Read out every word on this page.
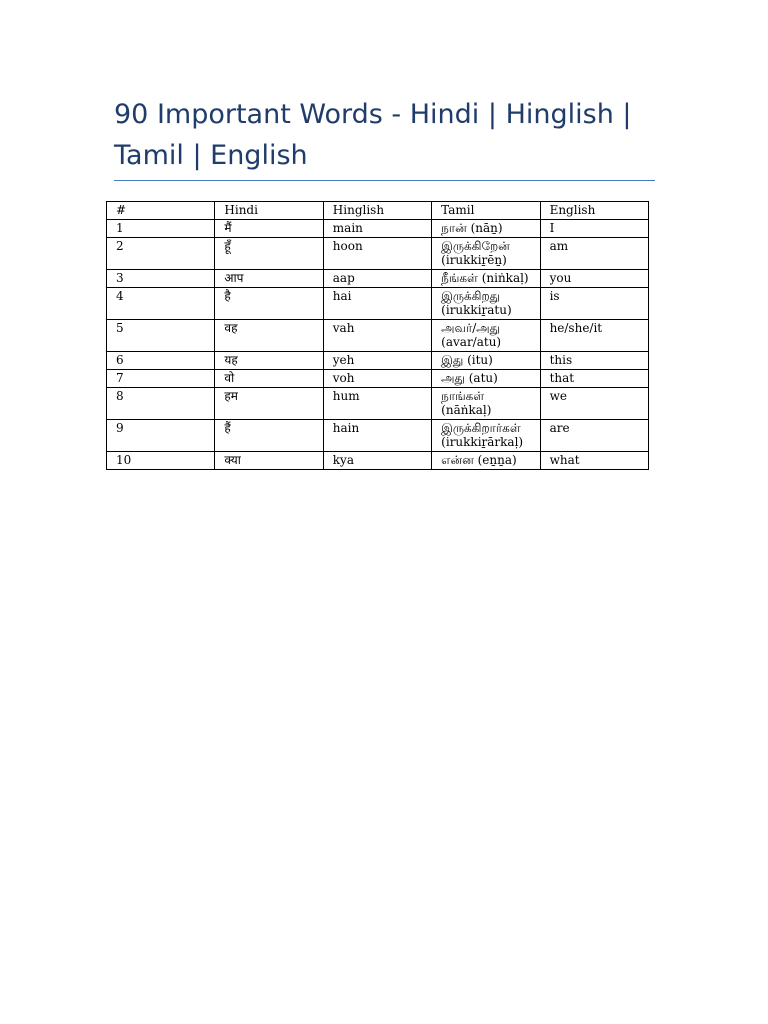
90 Important Words - Hindi | Hinglish | Tamil | English
#	Hindi	Hinglish	Tamil	English
1	मैं	main	நான் (nāṉ)	I
2	हूँ	hoon	இருக்கிறேன் (irukkiṟēṉ)	am
3	आप	aap	நீங்கள் (niṅkaḷ)	you
4	है	hai	இருக்கிறது (irukkiṟatu)	is
5	वह	vah	அவர்/அது (avar/atu)	he/she/it
6	यह	yeh	இது (itu)	this
7	वो	voh	அது (atu)	that
8	हम	hum	நாங்கள் (nāṅkaḷ)	we
9	हैं	hain	இருக்கிறார்கள் (irukkiṟārkaḷ)	are
10	क्या	kya	என்ன (eṉṉa)	what
